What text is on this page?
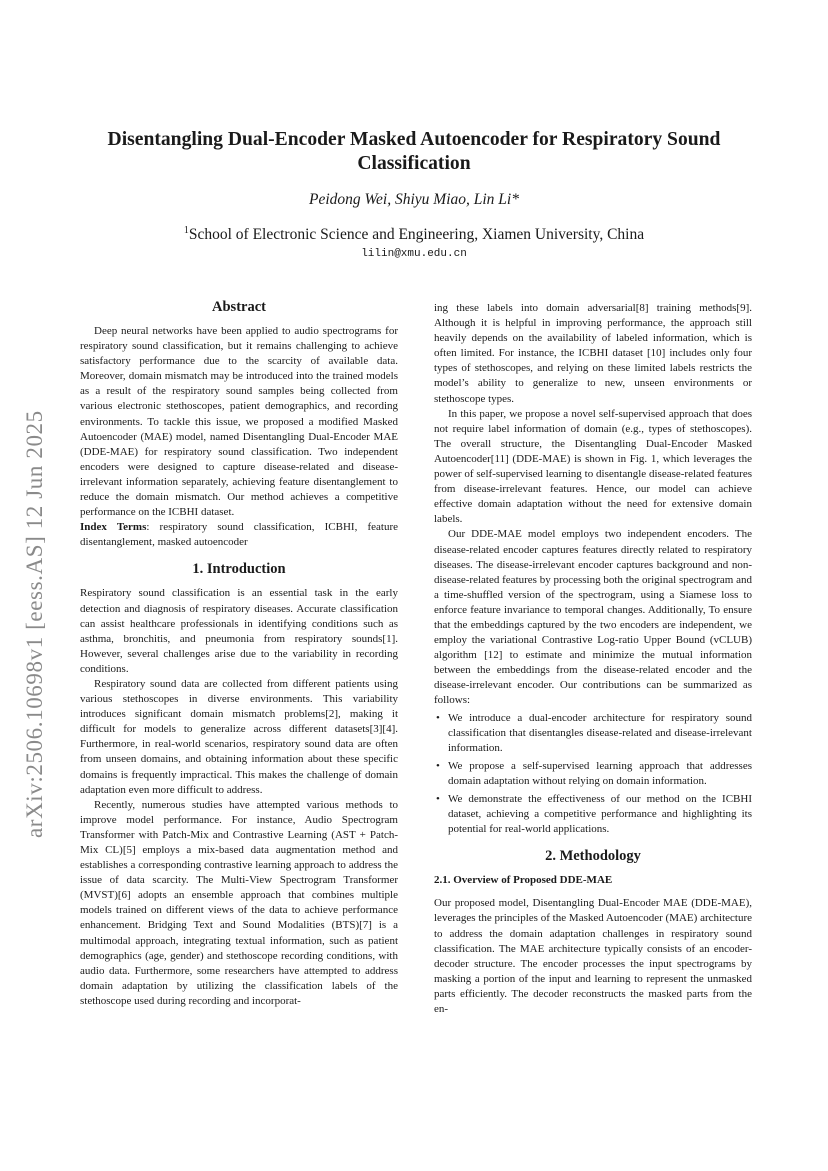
arXiv:2506.10698v1 [eess.AS] 12 Jun 2025
Disentangling Dual-Encoder Masked Autoencoder for Respiratory Sound
Classification
Peidong Wei, Shiyu Miao, Lin Li*
$^1$School of Electronic Science and Engineering, Xiamen University, China
lilin@xmu.edu.cn
Abstract

Deep neural networks have been applied to audio spectrograms for respiratory sound classification, but it remains challenging to achieve satisfactory performance due to the scarcity of available data. Moreover, domain mismatch may be introduced into the trained models as a result of the respiratory sound samples being collected from various electronic stethoscopes, patient demographics, and recording environments. To tackle this issue, we proposed a modified Masked Autoencoder (MAE) model, named Disentangling Dual-Encoder MAE (DDE-MAE) for respiratory sound classification. Two independent encoders were designed to capture disease-related and disease-irrelevant information separately, achieving feature disentanglement to reduce the domain mismatch. Our method achieves a competitive performance on the ICBHI dataset.

Index Terms: respiratory sound classification, ICBHI, feature disentanglement, masked autoencoder

1. Introduction

Respiratory sound classification is an essential task in the early detection and diagnosis of respiratory diseases. Accurate classification can assist healthcare professionals in identifying conditions such as asthma, bronchitis, and pneumonia from respiratory sounds[1]. However, several challenges arise due to the variability in recording conditions.

Respiratory sound data are collected from different patients using various stethoscopes in diverse environments. This variability introduces significant domain mismatch problems[2], making it difficult for models to generalize across different datasets[3][4]. Furthermore, in real-world scenarios, respiratory sound data are often from unseen domains, and obtaining information about these specific domains is frequently impractical. This makes the challenge of domain adaptation even more difficult to address.

Recently, numerous studies have attempted various methods to improve model performance. For instance, Audio Spectrogram Transformer with Patch-Mix and Contrastive Learning (AST + Patch-Mix CL)[5] employs a mix-based data augmentation method and establishes a corresponding contrastive learning approach to address the issue of data scarcity. The Multi-View Spectrogram Transformer (MVST)[6] adopts an ensemble approach that combines multiple models trained on different views of the data to achieve performance enhancement. Bridging Text and Sound Modalities (BTS)[7] is a multimodal approach, integrating textual information, such as patient demographics (age, gender) and stethoscope recording conditions, with audio data. Furthermore, some researchers have attempted to address domain adaptation by utilizing the classification labels of the stethoscope used during recording and incorporat-

ing these labels into domain adversarial[8] training methods[9]. Although it is helpful in improving performance, the approach still heavily depends on the availability of labeled information, which is often limited. For instance, the ICBHI dataset [10] includes only four types of stethoscopes, and relying on these limited labels restricts the model’s ability to generalize to new, unseen environments or stethoscope types.

In this paper, we propose a novel self-supervised approach that does not require label information of domain (e.g., types of stethoscopes). The overall structure, the Disentangling Dual-Encoder Masked Autoencoder[11] (DDE-MAE) is shown in Fig. 1, which leverages the power of self-supervised learning to disentangle disease-related features from disease-irrelevant features. Hence, our model can achieve effective domain adaptation without the need for extensive domain labels.

Our DDE-MAE model employs two independent encoders. The disease-related encoder captures features directly related to respiratory diseases. The disease-irrelevant encoder captures background and non-disease-related features by processing both the original spectrogram and a time-shuffled version of the spectrogram, using a Siamese loss to enforce feature invariance to temporal changes. Additionally, To ensure that the embeddings captured by the two encoders are independent, we employ the variational Contrastive Log-ratio Upper Bound (vCLUB) algorithm [12] to estimate and minimize the mutual information between the embeddings from the disease-related encoder and the disease-irrelevant encoder. Our contributions can be summarized as follows:

• We introduce a dual-encoder architecture for respiratory sound classification that disentangles disease-related and disease-irrelevant information.
• We propose a self-supervised learning approach that addresses domain adaptation without relying on domain information.
• We demonstrate the effectiveness of our method on the ICBHI dataset, achieving a competitive performance and highlighting its potential for real-world applications.
2. Methodology
2.1. Overview of Proposed DDE-MAE

Our proposed model, Disentangling Dual-Encoder MAE (DDE-MAE), leverages the principles of the Masked Autoencoder (MAE) architecture to address the domain adaptation challenges in respiratory sound classification. The MAE architecture typically consists of an encoder-decoder structure. The encoder processes the input spectrograms by masking a portion of the input and learning to represent the unmasked parts efficiently. The decoder reconstructs the masked parts from the en-
